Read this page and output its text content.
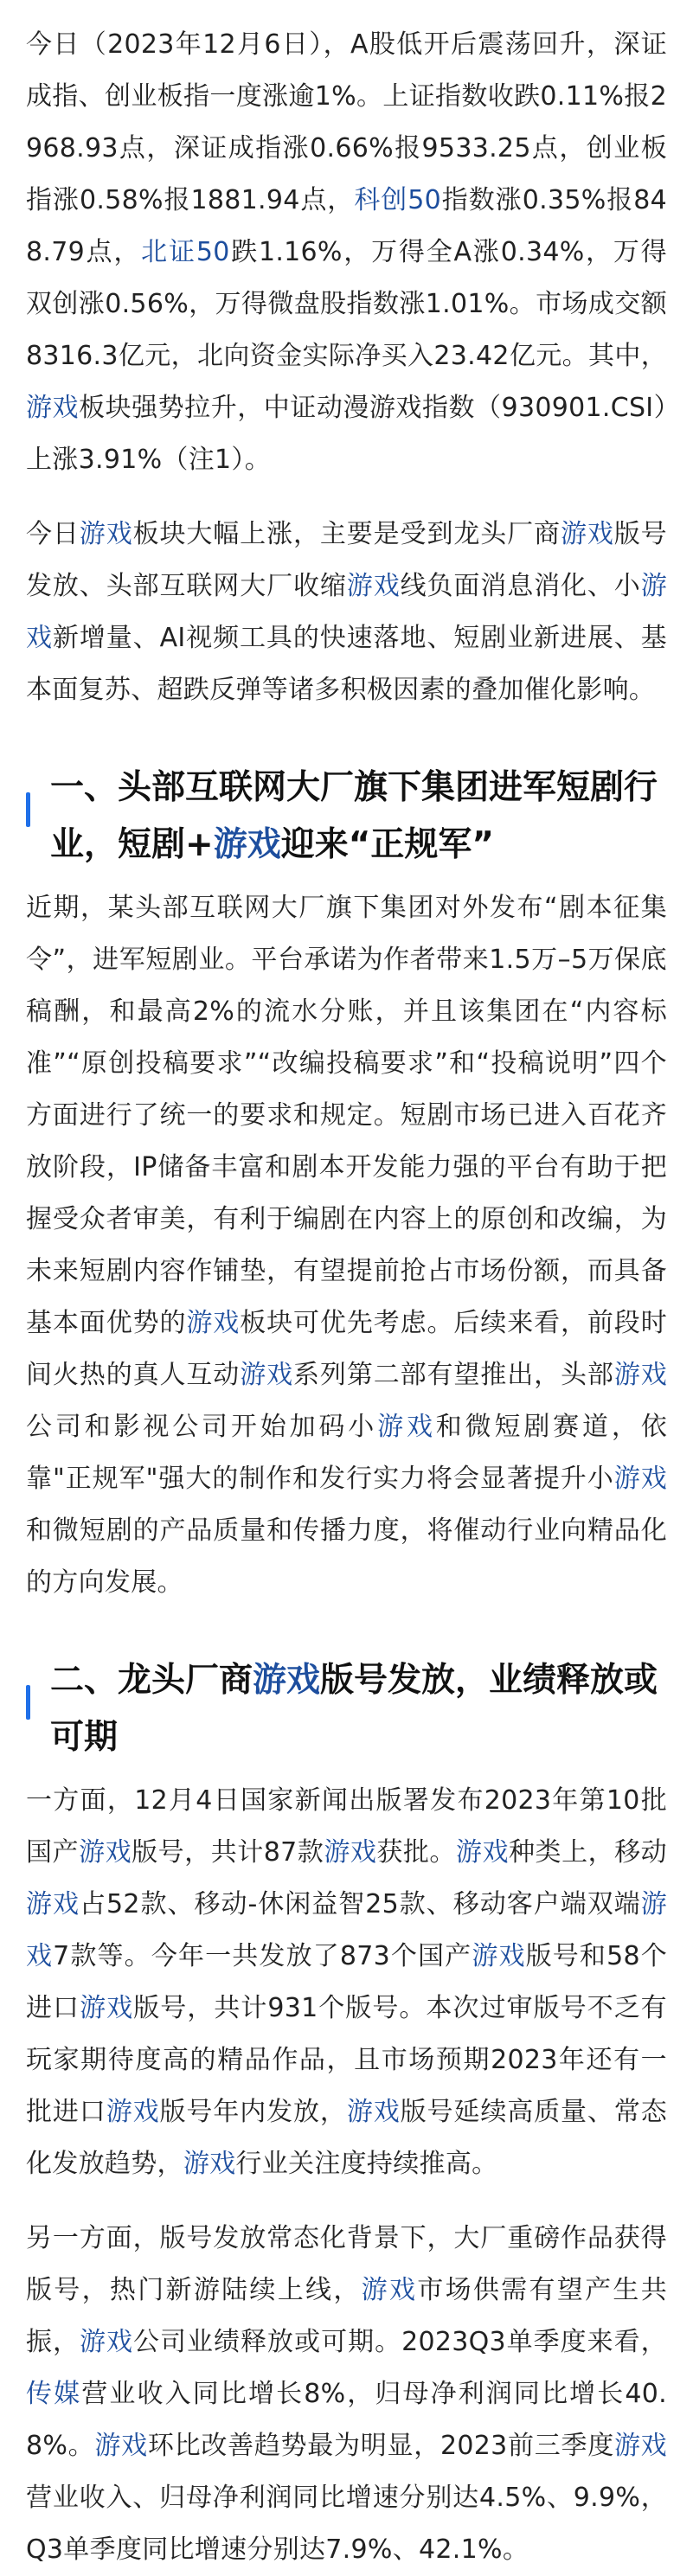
今日（2023年12月6日），A股低开后震荡回升，深证成指、创业板指一度涨逾1%。上证指数收跌0.11%报2968.93点，深证成指涨0.66%报9533.25点，创业板指涨0.58%报1881.94点，科创50指数涨0.35%报848.79点，北证50跌1.16%，万得全A涨0.34%，万得双创涨0.56%，万得微盘股指数涨1.01%。市场成交额8316.3亿元，北向资金实际净买入23.42亿元。其中，游戏板块强势拉升，中证动漫游戏指数（930901.CSI）上涨3.91%（注1）。

今日游戏板块大幅上涨，主要是受到龙头厂商游戏版号发放、头部互联网大厂收缩游戏线负面消息消化、小游戏新增量、AI视频工具的快速落地、短剧业新进展、基本面复苏、超跌反弹等诸多积极因素的叠加催化影响。

一、头部互联网大厂旗下集团进军短剧行业，短剧+游戏迎来“正规军”

近期，某头部互联网大厂旗下集团对外发布“剧本征集令”，进军短剧业。平台承诺为作者带来1.5万–5万保底稿酬，和最高2%的流水分账，并且该集团在“内容标准”“原创投稿要求”“改编投稿要求”和“投稿说明”四个方面进行了统一的要求和规定。短剧市场已进入百花齐放阶段，IP储备丰富和剧本开发能力强的平台有助于把握受众者审美，有利于编剧在内容上的原创和改编，为未来短剧内容作铺垫，有望提前抢占市场份额，而具备基本面优势的游戏板块可优先考虑。后续来看，前段时间火热的真人互动游戏系列第二部有望推出，头部游戏公司和影视公司开始加码小游戏和微短剧赛道，依靠"正规军"强大的制作和发行实力将会显著提升小游戏和微短剧的产品质量和传播力度，将催动行业向精品化的方向发展。

二、龙头厂商游戏版号发放，业绩释放或可期

一方面，12月4日国家新闻出版署发布2023年第10批国产游戏版号，共计87款游戏获批。游戏种类上，移动游戏占52款、移动-休闲益智25款、移动客户端双端游戏7款等。今年一共发放了873个国产游戏版号和58个进口游戏版号，共计931个版号。本次过审版号不乏有玩家期待度高的精品作品，且市场预期2023年还有一批进口游戏版号年内发放，游戏版号延续高质量、常态化发放趋势，游戏行业关注度持续推高。

另一方面，版号发放常态化背景下，大厂重磅作品获得版号，热门新游陆续上线，游戏市场供需有望产生共振，游戏公司业绩释放或可期。2023Q3单季度来看，传媒营业收入同比增长8%，归母净利润同比增长40.8%。游戏环比改善趋势最为明显，2023前三季度游戏营业收入、归母净利润同比增速分别达4.5%、9.9%，Q3单季度同比增速分别达7.9%、42.1%。
